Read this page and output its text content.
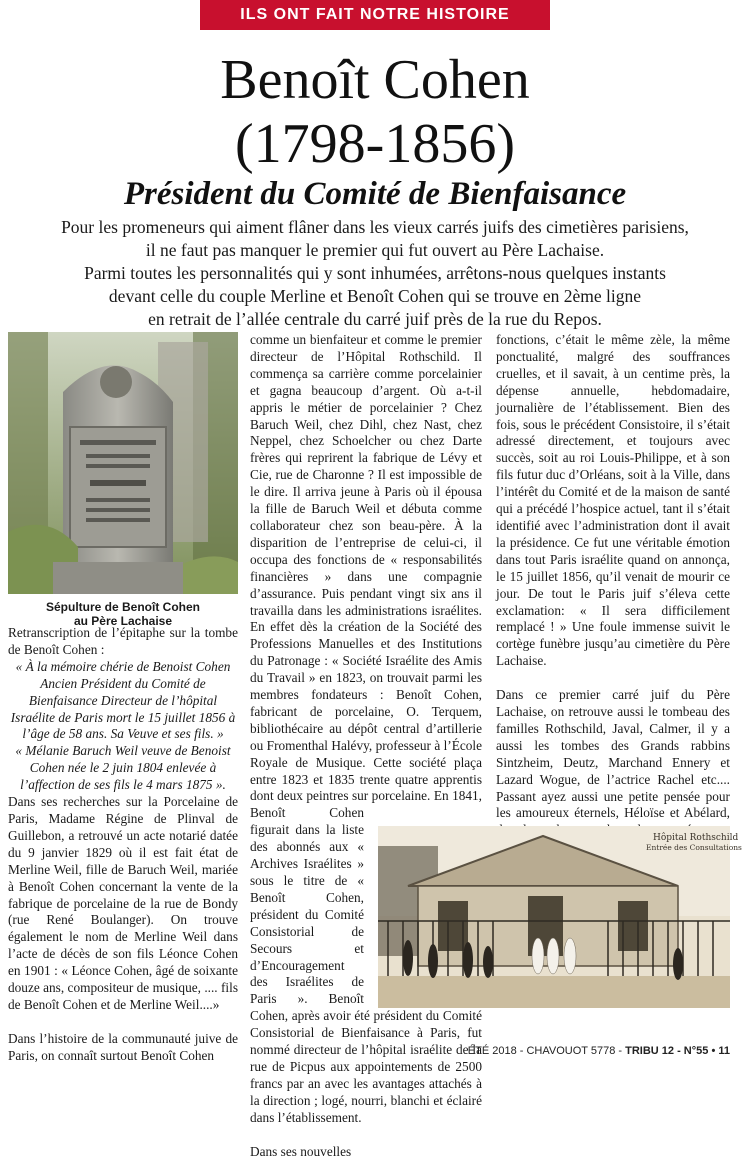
ILS ONT FAIT NOTRE HISTOIRE
Benoît Cohen
(1798-1856)
Président du Comité de Bienfaisance
Pour les promeneurs qui aiment flâner dans les vieux carrés juifs des cimetières parisiens,
il ne faut pas manquer le premier qui fut ouvert au Père Lachaise.
Parmi toutes les personnalités qui y sont inhumées, arrêtons-nous quelques instants
devant celle du couple Merline et Benoît Cohen qui se trouve en 2ème ligne
en retrait de l’allée centrale du carré juif près de la rue du Repos.
Sépulture de Benoît Cohen
au Père Lachaise

Retranscription de l’épitaphe sur la tombe de Benoît Cohen :

« À la mémoire chérie de Benoist Cohen Ancien Président du Comité de Bienfaisance Directeur de l’hôpital Israélite de Paris mort le 15 juillet 1856 à l’âge de 58 ans. Sa Veuve et ses fils. »

« Mélanie Baruch Weil veuve de Benoist Cohen née le 2 juin 1804 enlevée à l’affection de ses fils le 4 mars 1875 ».

Dans ses recherches sur la Porcelaine de Paris, Madame Régine de Plinval de Guillebon, a retrouvé un acte notarié datée du 9 janvier 1829 où il est fait état de Merline Weil, fille de Baruch Weil, mariée à Benoît Cohen concernant la vente de la fabrique de porcelaine de la rue de Bondy (rue René Boulanger). On trouve également le nom de Merline Weil dans l’acte de décès de son fils Léonce Cohen en 1901 : « Léonce Cohen, âgé de soixante douze ans, compositeur de musique, .... fils de Benoît Cohen et de Merline Weil....»

Dans l’histoire de la communauté juive de Paris, on connaît surtout Benoît Cohen

comme un bienfaiteur et comme le premier directeur de l’Hôpital Rothschild. Il commença sa carrière comme porcelainier et gagna beaucoup d’argent. Où a-t-il appris le métier de porcelainier ? Chez Baruch Weil, chez Dihl, chez Nast, chez Neppel, chez Schoelcher ou chez Darte frères qui reprirent la fabrique de Lévy et Cie, rue de Charonne ? Il est impossible de le dire. Il arriva jeune à Paris où il épousa la fille de Baruch Weil et débuta comme collaborateur chez son beau-père. À la disparition de l’entreprise de celui-ci, il occupa des fonctions de « responsabilités financières » dans une compagnie d’assurance. Puis pendant vingt six ans il travailla dans les administrations israélites. En effet dès la création de la Société des Professions Manuelles et des Institutions du Patronage : « Société Israélite des Amis du Travail » en 1823, on trouvait parmi les membres fondateurs : Benoît Cohen, fabricant de porcelaine, O. Terquem, bibliothécaire au dépôt central d’artillerie ou Fromenthal Halévy, professeur à l’École Royale de Musique. Cette société plaça entre 1823 et 1835 trente quatre apprentis dont deux peintres sur porcelaine. En 1841, Benoît Cohen figurait dans la liste des abonnés aux « Archives Israélites » sous le titre de « Benoît Cohen, président du Comité Consistorial de Secours et d’Encouragement des Israélites de Paris ». Benoît Cohen, après avoir été président du Comité Consistorial de Bienfaisance à Paris, fut nommé directeur de l’hôpital israélite de la rue de Picpus aux appointements de 2500 francs par an avec les avantages attachés à la direction ; logé, nourri, blanchi et éclairé dans l’établissement.

Dans ses nouvelles

fonctions, c’était le même zèle, la même ponctualité, malgré des souffrances cruelles, et il savait, à un centime près, la dépense annuelle, hebdomadaire, journalière de l’établissement. Bien des fois, sous le précédent Consistoire, il s’était adressé directement, et toujours avec succès, soit au roi Louis-Philippe, et à son fils futur duc d’Orléans, soit à la Ville, dans l’intérêt du Comité et de la maison de santé qui a précédé l’hospice actuel, tant il s’était identifié avec l’administration dont il avait la présidence. Ce fut une véritable émotion dans tout Paris israélite quand on annonça, le 15 juillet 1856, qu’il venait de mourir ce jour. De tout le Paris juif s’éleva cette exclamation: « Il sera difficilement remplacé ! » Une foule immense suivit le cortège funèbre jusqu’au cimetière du Père Lachaise.

Dans ce premier carré juif du Père Lachaise, on retrouve aussi le tombeau des familles Rothschild, Javal, Calmer, il y a aussi les tombes des Grands rabbins Sintzheim, Deutz, Marchand Ennery et Lazard Wogue, de l’actrice Rachel etc.... Passant ayez aussi une petite pensée pour les amoureux éternels, Héloïse et Abélard,

Hôpital Rothschild
Entrée des Consultations
ÉTÉ 2018 - CHAVOUOT 5778 - TRIBU 12 - N°55 • 11
